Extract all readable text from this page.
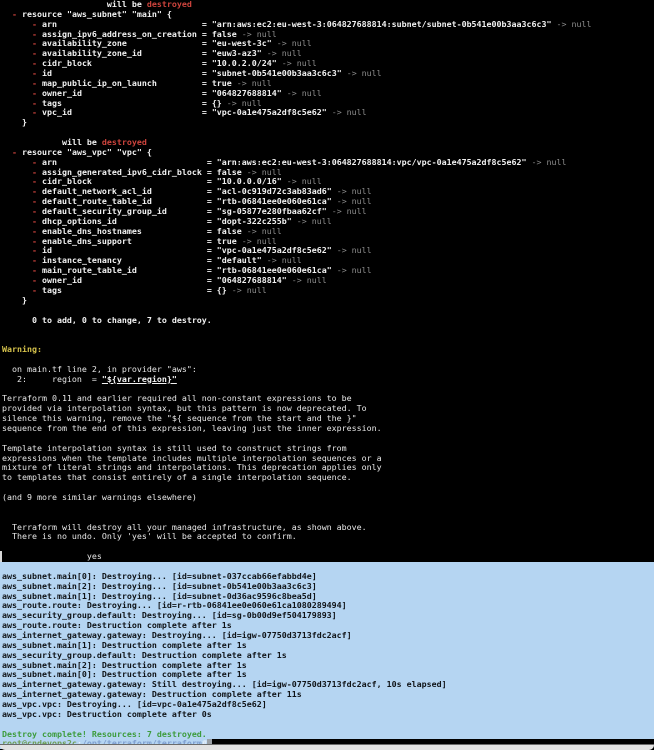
will be destroyed
- resource "aws_subnet" "main" {
- arn                             = "arn:aws:ec2:eu-west-3:064827688814:subnet/subnet-0b541e00b3aa3c6c3" -> null
- assign_ipv6_address_on_creation = false -> null
- availability_zone               = "eu-west-3c" -> null
- availability_zone_id            = "euw3-az3" -> null
- cidr_block                      = "10.0.2.0/24" -> null
- id                              = "subnet-0b541e00b3aa3c6c3" -> null
- map_public_ip_on_launch         = true -> null
- owner_id                        = "064827688814" -> null
- tags                            = {} -> null
- vpc_id                          = "vpc-0a1e475a2df8c5e62" -> null
}
will be destroyed
- resource "aws_vpc" "vpc" {
- arn                              = "arn:aws:ec2:eu-west-3:064827688814:vpc/vpc-0a1e475a2df8c5e62" -> null
- assign_generated_ipv6_cidr_block = false -> null
- cidr_block                       = "10.0.0.0/16" -> null
- default_network_acl_id           = "acl-0c919d72c3ab83ad6" -> null
- default_route_table_id           = "rtb-06841ee0e060e61ca" -> null
- default_security_group_id        = "sg-05877e280fbaa62cf" -> null
- dhcp_options_id                  = "dopt-322c255b" -> null
- enable_dns_hostnames             = false -> null
- enable_dns_support               = true -> null
- id                               = "vpc-0a1e475a2df8c5e62" -> null
- instance_tenancy                 = "default" -> null
- main_route_table_id              = "rtb-06841ee0e060e61ca" -> null
- owner_id                         = "064827688814" -> null
- tags                             = {} -> null
}
0 to add, 0 to change, 7 to destroy.
Warning:
on main.tf line 2, in provider "aws":
2:     region  = "${var.region}"
Terraform 0.11 and earlier required all non-constant expressions to be
provided via interpolation syntax, but this pattern is now deprecated. To
silence this warning, remove the "${ sequence from the start and the }"
sequence from the end of this expression, leaving just the inner expression.
Template interpolation syntax is still used to construct strings from
expressions when the template includes multiple interpolation sequences or a
mixture of literal strings and interpolations. This deprecation applies only
to templates that consist entirely of a single interpolation sequence.
(and 9 more similar warnings elsewhere)
Terraform will destroy all your managed infrastructure, as shown above.
There is no undo. Only 'yes' will be accepted to confirm.
yes
aws_subnet.main[0]: Destroying... [id=subnet-037ccab66efabbd4e]
aws_subnet.main[2]: Destroying... [id=subnet-0b541e00b3aa3c6c3]
aws_subnet.main[1]: Destroying... [id=subnet-0d36ac9596c8bea5d]
aws_route.route: Destroying... [id=r-rtb-06841ee0e060e61ca1080289494]
aws_security_group.default: Destroying... [id=sg-0b00d9ef504179893]
aws_route.route: Destruction complete after 1s
aws_internet_gateway.gateway: Destroying... [id=igw-07750d3713fdc2acf]
aws_subnet.main[1]: Destruction complete after 1s
aws_security_group.default: Destruction complete after 1s
aws_subnet.main[2]: Destruction complete after 1s
aws_subnet.main[0]: Destruction complete after 1s
aws_internet_gateway.gateway: Still destroying... [id=igw-07750d3713fdc2acf, 10s elapsed]
aws_internet_gateway.gateway: Destruction complete after 11s
aws_vpc.vpc: Destroying... [id=vpc-0a1e475a2df8c5e62]
aws_vpc.vpc: Destruction complete after 0s
Destroy complete! Resources: 7 destroyed.
